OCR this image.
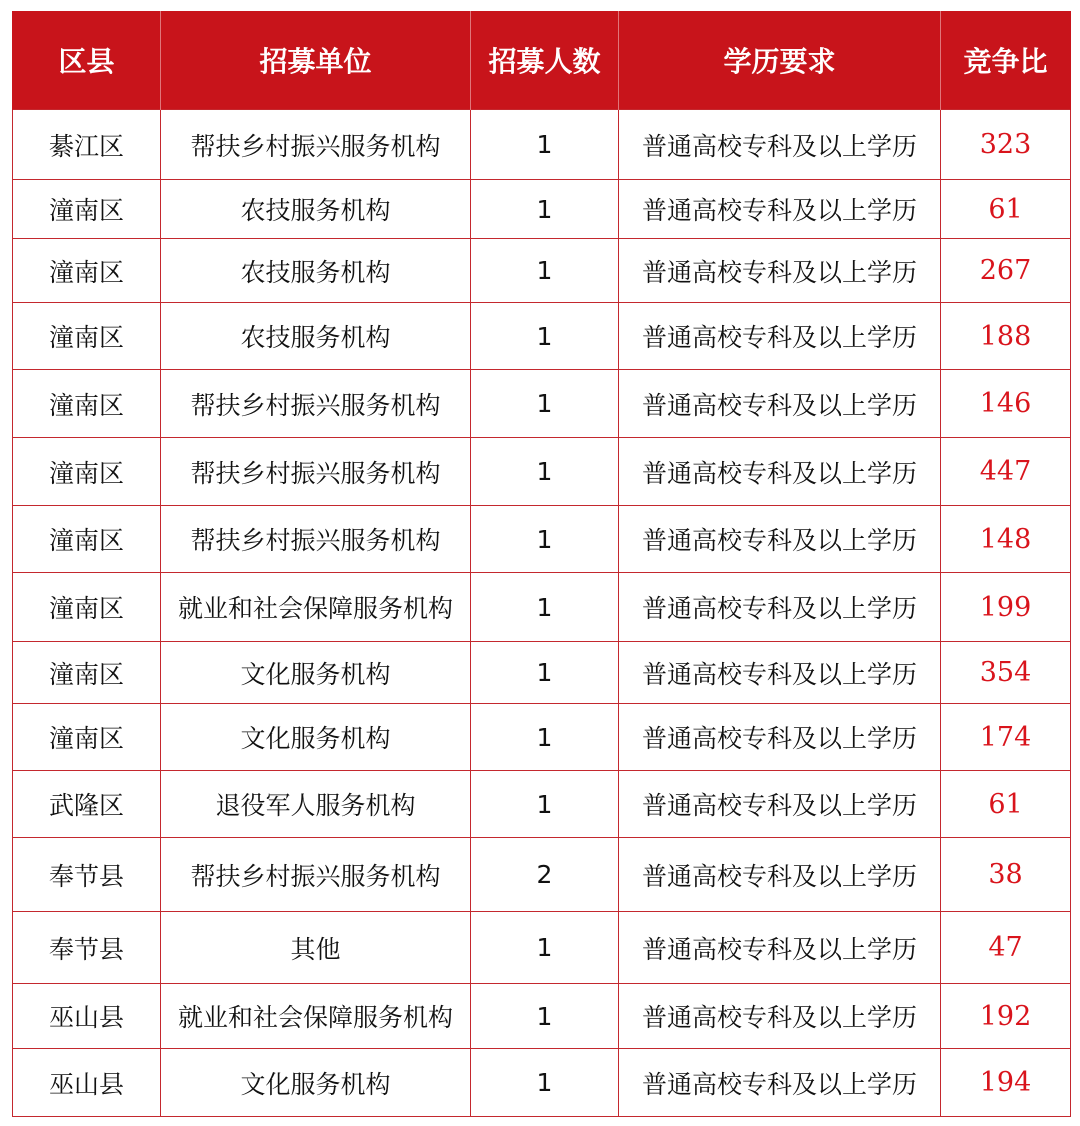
区县	招募单位	招募人数	学历要求	竞争比
綦江区	帮扶乡村振兴服务机构	1	普通高校专科及以上学历	323
潼南区	农技服务机构	1	普通高校专科及以上学历	61
潼南区	农技服务机构	1	普通高校专科及以上学历	267
潼南区	农技服务机构	1	普通高校专科及以上学历	188
潼南区	帮扶乡村振兴服务机构	1	普通高校专科及以上学历	146
潼南区	帮扶乡村振兴服务机构	1	普通高校专科及以上学历	447
潼南区	帮扶乡村振兴服务机构	1	普通高校专科及以上学历	148
潼南区	就业和社会保障服务机构	1	普通高校专科及以上学历	199
潼南区	文化服务机构	1	普通高校专科及以上学历	354
潼南区	文化服务机构	1	普通高校专科及以上学历	174
武隆区	退役军人服务机构	1	普通高校专科及以上学历	61
奉节县	帮扶乡村振兴服务机构	2	普通高校专科及以上学历	38
奉节县	其他	1	普通高校专科及以上学历	47
巫山县	就业和社会保障服务机构	1	普通高校专科及以上学历	192
巫山县	文化服务机构	1	普通高校专科及以上学历	194
